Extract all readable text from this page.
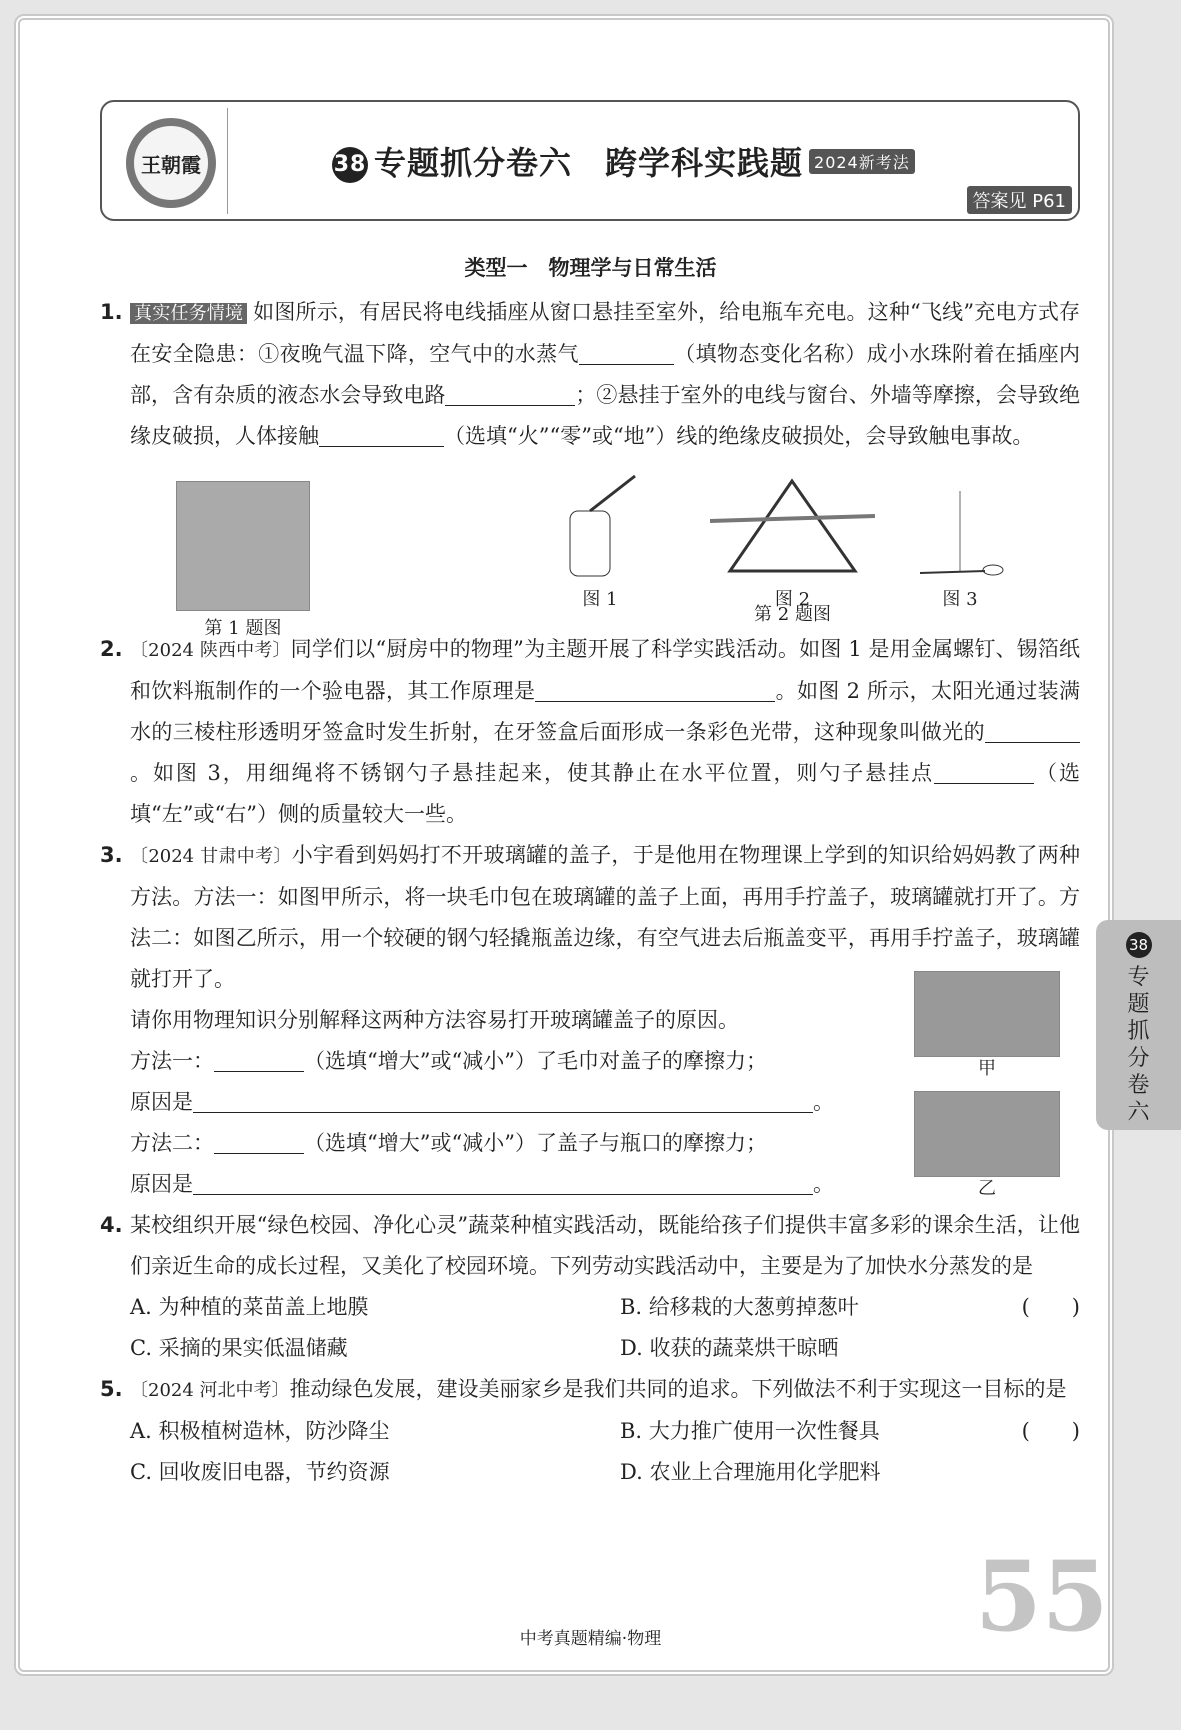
王朝霞	38 专题抓分卷六　跨学科实践题 2024新考法
答案见 P61
类型一　物理学与日常生活
1. 真实任务情境 如图所示，有居民将电线插座从窗口悬挂至室外，给电瓶车充电。这种“飞线”充电方式存在安全隐患：①夜晚气温下降，空气中的水蒸气	（填物态变化名称）成小水珠附着在插座内部，含有杂质的液态水会导致电路	；②悬挂于室外的电线与窗台、外墙等摩擦，会导致绝缘皮破损，人体接触	（选填“火”“零”或“地”）线的绝缘皮破损处，会导致触电事故。
第 1 题图
图 1	图 2	图 3
第 2 题图
2. 〔2024 陕西中考〕同学们以“厨房中的物理”为主题开展了科学实践活动。如图 1 是用金属螺钉、锡箔纸和饮料瓶制作的一个验电器，其工作原理是	。如图 2 所示，太阳光通过装满水的三棱柱形透明牙签盒时发生折射，在牙签盒后面形成一条彩色光带，这种现象叫做光的。如图 3，用细绳将不锈钢勺子悬挂起来，使其静止在水平位置，则勺子悬挂点	（选填“左”或“右”）侧的质量较大一些。
3. 〔2024 甘肃中考〕小宇看到妈妈打不开玻璃罐的盖子，于是他用在物理课上学到的知识给妈妈教了两种方法。方法一：如图甲所示，将一块毛巾包在玻璃罐的盖子上面，再用手拧盖子，玻璃罐就打开了。方法二：如图乙所示，用一个较硬的钢勺轻撬瓶盖边缘，有空气进去后瓶盖变平，再用手拧盖子，玻璃罐就打开了。
甲
乙
请你用物理知识分别解释这两种方法容易打开玻璃罐盖子的原因。
方法一：	（选填“增大”或“减小”）了毛巾对盖子的摩擦力；
原因是	。
方法二：	（选填“增大”或“减小”）了盖子与瓶口的摩擦力；
原因是	。
4. 某校组织开展“绿色校园、净化心灵”蔬菜种植实践活动，既能给孩子们提供丰富多彩的课余生活，让他们亲近生命的成长过程，又美化了校园环境。下列劳动实践活动中，主要是为了加快水分蒸发的是
(　　)
A. 为种植的菜苗盖上地膜	B. 给移栽的大葱剪掉葱叶
C. 采摘的果实低温储藏	D. 收获的蔬菜烘干晾晒
5. 〔2024 河北中考〕推动绿色发展，建设美丽家乡是我们共同的追求。下列做法不利于实现这一目标的是
(　　)
A. 积极植树造林，防沙降尘	B. 大力推广使用一次性餐具
C. 回收废旧电器，节约资源	D. 农业上合理施用化学肥料
38
专
题
抓
分
卷
六
55
中考真题精编·物理
